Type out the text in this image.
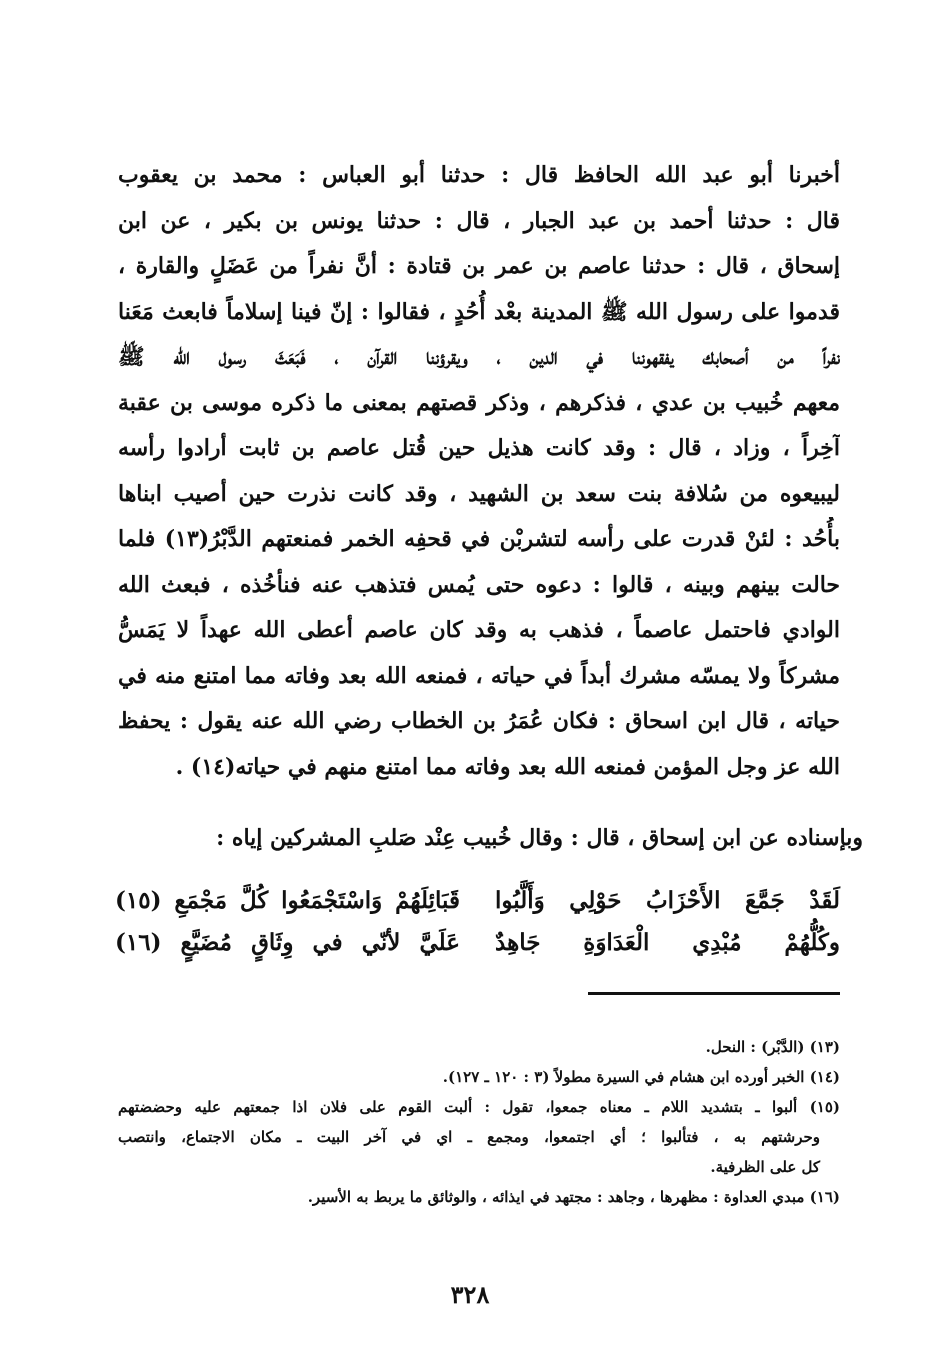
أخبرنا أبو عبد الله الحافظ قال : حدثنا أبو العباس : محمد بن يعقوب
قال : حدثنا أحمد بن عبد الجبار ، قال : حدثنا يونس بن بكير ، عن ابن
إسحاق ، قال : حدثنا عاصم بن عمر بن قتادة : أنَّ نفراً من عَضَلٍ والقارة ،
قدموا على رسول الله ﷺ المدينة بعْد أُحُدٍ ، فقالوا : إنّ فينا إسلاماً فابعث مَعَنا
نفراً من أصحابك يفقهوننا في الدين ، ويقرؤننا القرآن ، فَبَعَثَ رسول الله ﷺ
معهم خُبيب بن عدي ، فذكرهم ، وذكر قصتهم بمعنى ما ذكره موسى بن عقبة
آخِراً ، وزاد ، قال : وقد كانت هذيل حين قُتل عاصم بن ثابت أرادوا رأسه
ليبيعوه من سُلافة بنت سعد بن الشهيد ، وقد كانت نذرت حين أصيب ابناها
بأُحُد : لئنْ قدرت على رأسه لتشربْن في قحفِه الخمر فمنعتهم الدَّبْرُ(١٣) فلما
حالت بينهم وبينه ، قالوا : دعوه حتى يُمس فتذهب عنه فنأخُذه ، فبعث الله
الوادي فاحتمل عاصماً ، فذهب به وقد كان عاصم أعطى الله عهداً لا يَمَسُّ
مشركاً ولا يمسّه مشرك أبداً في حياته ، فمنعه الله بعد وفاته مما امتنع منه في
حياته ، قال ابن اسحاق : فكان عُمَرُ بن الخطاب رضي الله عنه يقول : يحفظ
الله عز وجل المؤمن فمنعه الله بعد وفاته مما امتنع منهم في حياته(١٤) .
وبإسناده عن ابن إسحاق ، قال : وقال خُبيب عِنْد صَلبِ المشركين إياه :
لَقَدْ جَمَّعَ الأَحْزَابُ حَوْلِي وَأَلَّبُوا
قَبَائِلَهُمْ وَاسْتَجْمَعُوا كُلَّ مَجْمَعِ (١٥)
وكُلُّهُمْ مُبْدِي الْعَدَاوَةِ جَاهِدٌ
عَلَيَّ لأنّي في وِثَاقٍ مُضَيَّعٍ (١٦)
(١٣) (الدَّبْر) : النحل.
(١٤) الخبر أورده ابن هشام في السيرة مطولاً (٣ : ١٢٠ ـ ١٢٧).
(١٥) ألبوا ـ بتشديد اللام ـ معناه جمعوا، تقول : ألبت القوم على فلان اذا جمعتهم عليه وحضضتهم
وحرشتهم به ، فتألبوا ؛ أي اجتمعوا، ومجمع ـ اي في آخر البيت ـ مكان الاجتماع، وانتصب
كل على الظرفية.
(١٦) مبدي العداوة : مظهرها ، وجاهد : مجتهد في ايذائه ، والوثائق ما يربط به الأسير.
٣٢٨
